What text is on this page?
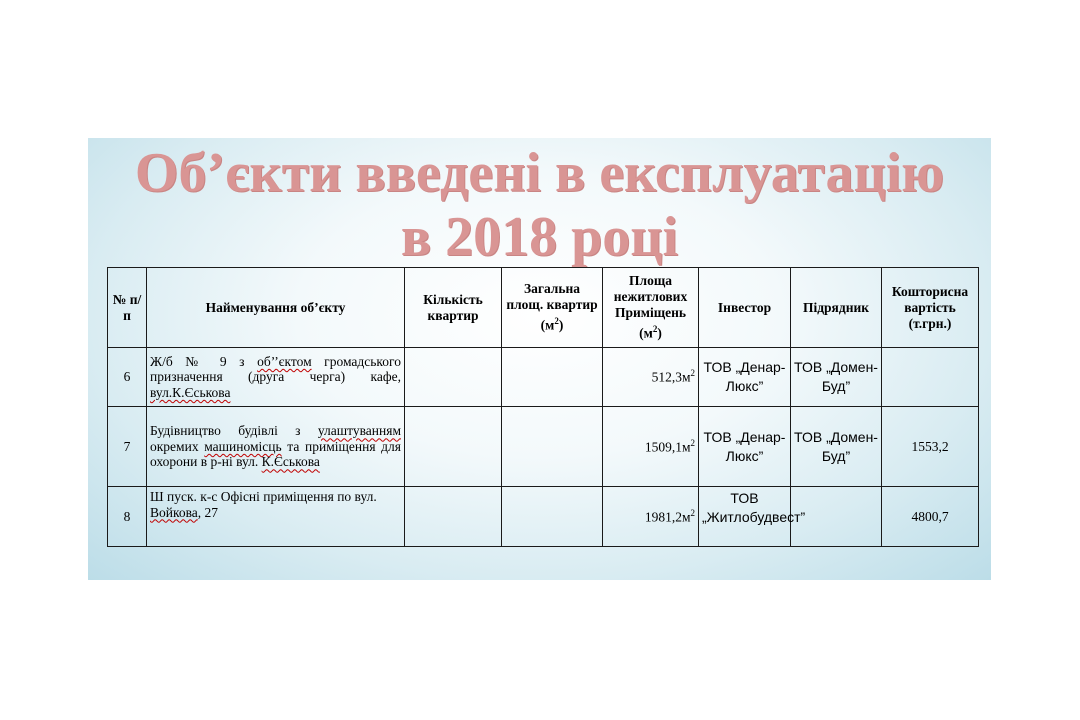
Об’єкти введені в експлуатацію
в 2018 році
№ п/п	Найменування об’єкту	Кількість квартир	Загальна площ. квартир $(м^2)$	Площа нежитлових Приміщень $(м^2)$	Інвестор	Підрядник	Кошторисна вартість (т.грн.)
6	Ж/б № 9 з об’’єктом громадського призначення (друга черга) кафе, вул.К.Єськова			$512,3м^2$	ТОВ „Денар-Люкс”	ТОВ „Домен-Буд”	
7	Будівництво будівлі з улаштуванням окремих машиномісць та приміщення для охорони в р-ні вул. К.Єськова			$1509,1м^2$	ТОВ „Денар-Люкс”	ТОВ „Домен-Буд”	1553,2
8	Ш пуск. к-с Офісні приміщення по вул. Войкова, 27			$1981,2м^2$	ТОВ „Житлобудвест”		4800,7
